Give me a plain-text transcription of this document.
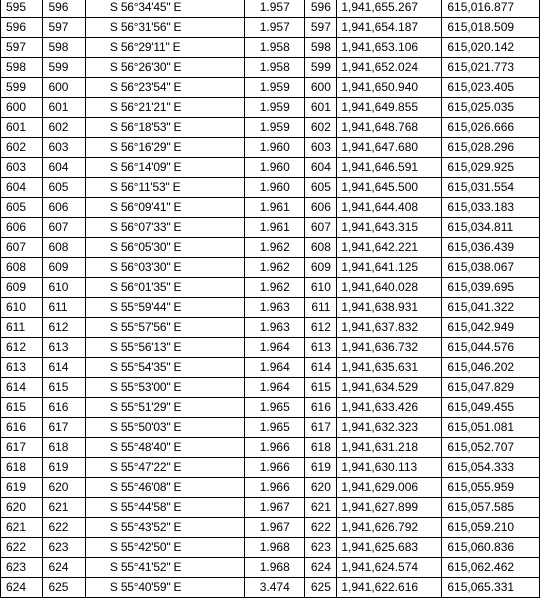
595	596	S 56°34'45" E	1.957	596	1,941,655.267	615,016.877
596	597	S 56°31'56" E	1.957	597	1,941,654.187	615,018.509
597	598	S 56°29'11" E	1.958	598	1,941,653.106	615,020.142
598	599	S 56°26'30" E	1.958	599	1,941,652.024	615,021.773
599	600	S 56°23'54" E	1.959	600	1,941,650.940	615,023.405
600	601	S 56°21'21" E	1.959	601	1,941,649.855	615,025.035
601	602	S 56°18'53" E	1.959	602	1,941,648.768	615,026.666
602	603	S 56°16'29" E	1.960	603	1,941,647.680	615,028.296
603	604	S 56°14'09" E	1.960	604	1,941,646.591	615,029.925
604	605	S 56°11'53" E	1.960	605	1,941,645.500	615,031.554
605	606	S 56°09'41" E	1.961	606	1,941,644.408	615,033.183
606	607	S 56°07'33" E	1.961	607	1,941,643.315	615,034.811
607	608	S 56°05'30" E	1.962	608	1,941,642.221	615,036.439
608	609	S 56°03'30" E	1.962	609	1,941,641.125	615,038.067
609	610	S 56°01'35" E	1.962	610	1,941,640.028	615,039.695
610	611	S 55°59'44" E	1.963	611	1,941,638.931	615,041.322
611	612	S 55°57'56" E	1.963	612	1,941,637.832	615,042.949
612	613	S 55°56'13" E	1.964	613	1,941,636.732	615,044.576
613	614	S 55°54'35" E	1.964	614	1,941,635.631	615,046.202
614	615	S 55°53'00" E	1.964	615	1,941,634.529	615,047.829
615	616	S 55°51'29" E	1.965	616	1,941,633.426	615,049.455
616	617	S 55°50'03" E	1.965	617	1,941,632.323	615,051.081
617	618	S 55°48'40" E	1.966	618	1,941,631.218	615,052.707
618	619	S 55°47'22" E	1.966	619	1,941,630.113	615,054.333
619	620	S 55°46'08" E	1.966	620	1,941,629.006	615,055.959
620	621	S 55°44'58" E	1.967	621	1,941,627.899	615,057.585
621	622	S 55°43'52" E	1.967	622	1,941,626.792	615,059.210
622	623	S 55°42'50" E	1.968	623	1,941,625.683	615,060.836
623	624	S 55°41'52" E	1.968	624	1,941,624.574	615,062.462
624	625	S 55°40'59" E	3.474	625	1,941,622.616	615,065.331
